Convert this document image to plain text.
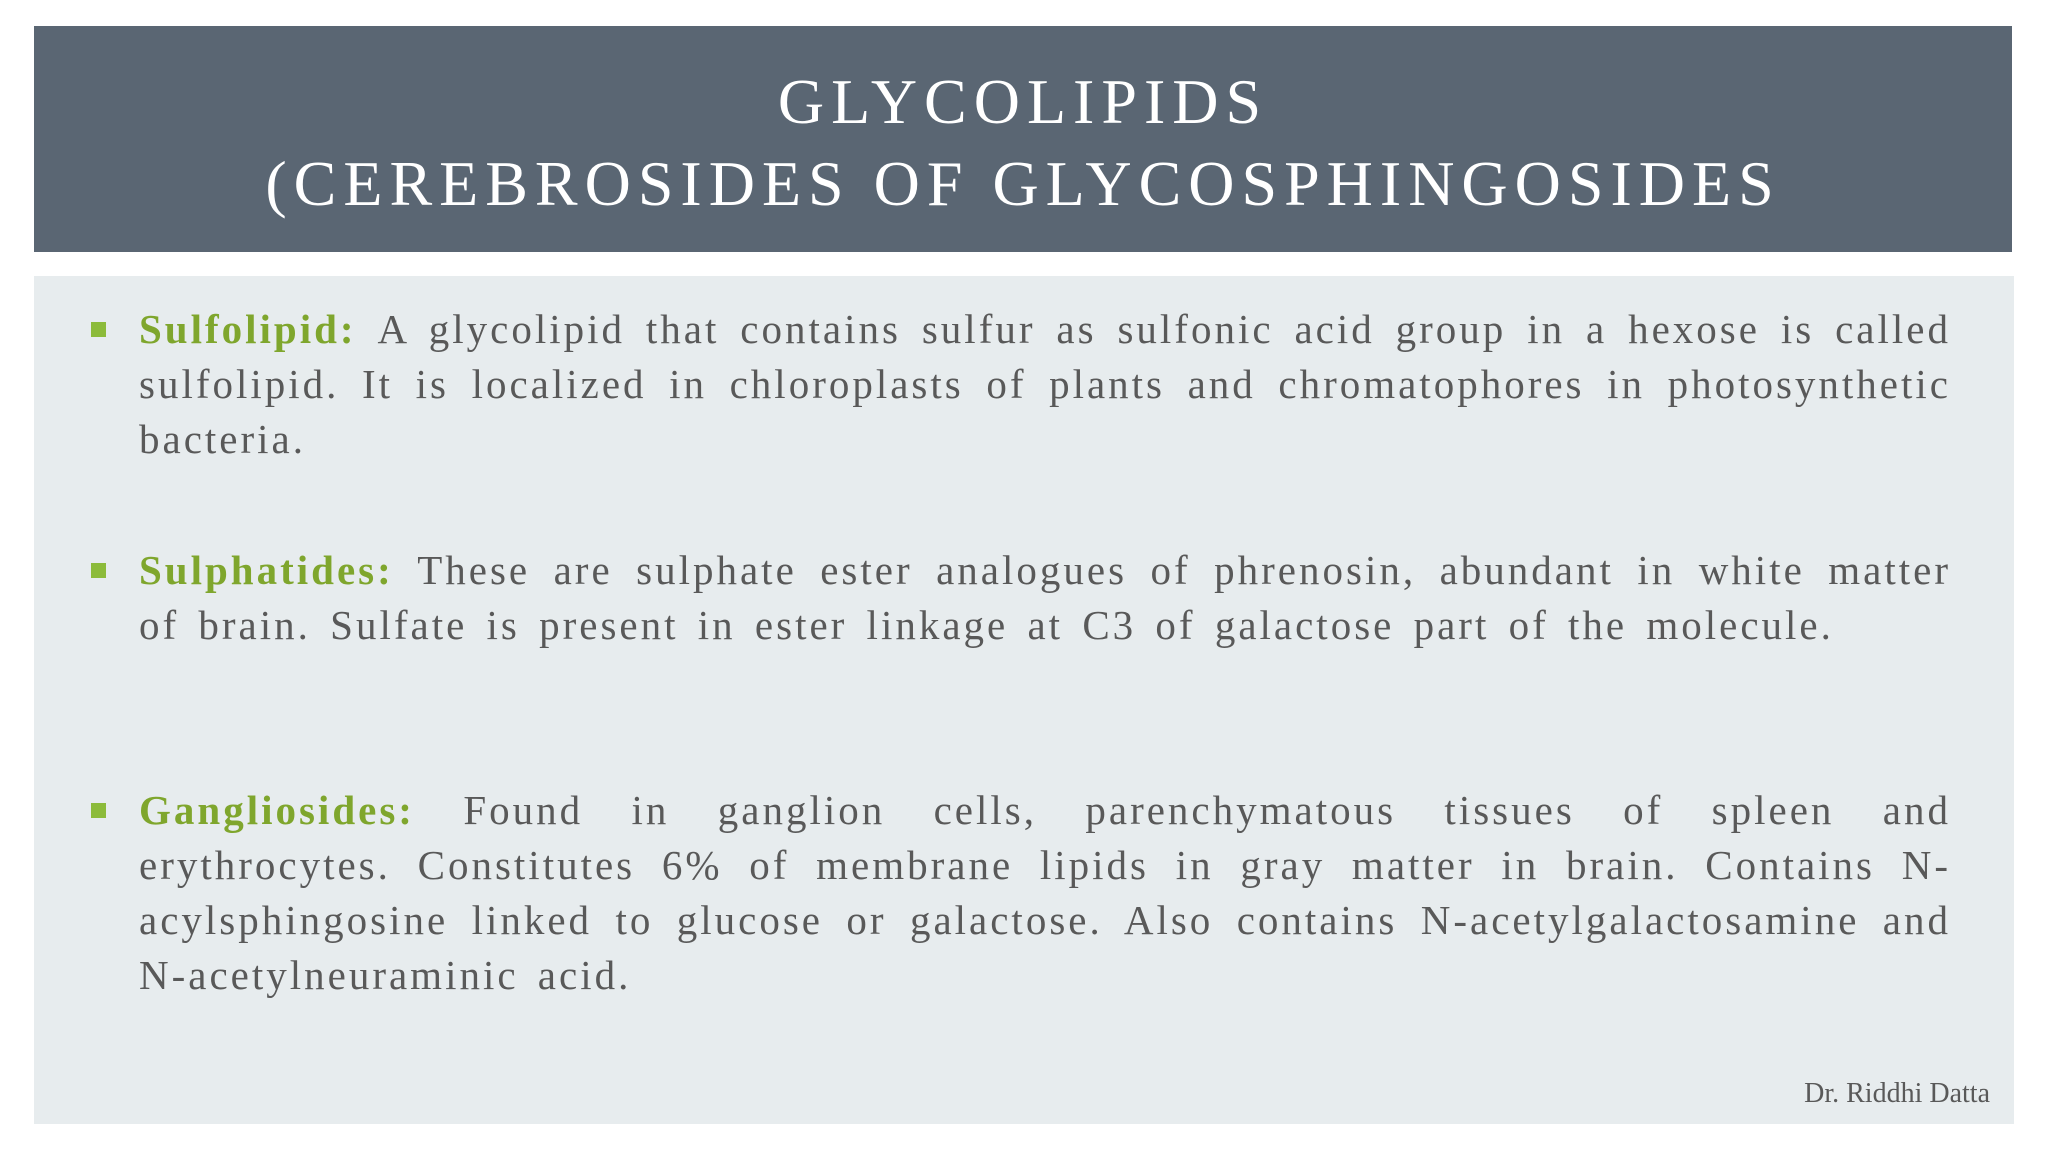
GLYCOLIPIDS
(CEREBROSIDES OF GLYCOSPHINGOSIDES
Sulfolipid: A glycolipid that contains sulfur as sulfonic acid group in a hexose is called sulfolipid. It is localized in chloroplasts of plants and chromatophores in photosynthetic bacteria.
Sulphatides: These are sulphate ester analogues of phrenosin, abundant in white matter of brain. Sulfate is present in ester linkage at C3 of galactose part of the molecule.
Gangliosides: Found in ganglion cells, parenchymatous tissues of spleen and erythrocytes. Constitutes 6% of membrane lipids in gray matter in brain. Contains N-acylsphingosine linked to glucose or galactose. Also contains N-acetylgalactosamine and N-acetylneuraminic acid.
Dr. Riddhi Datta
